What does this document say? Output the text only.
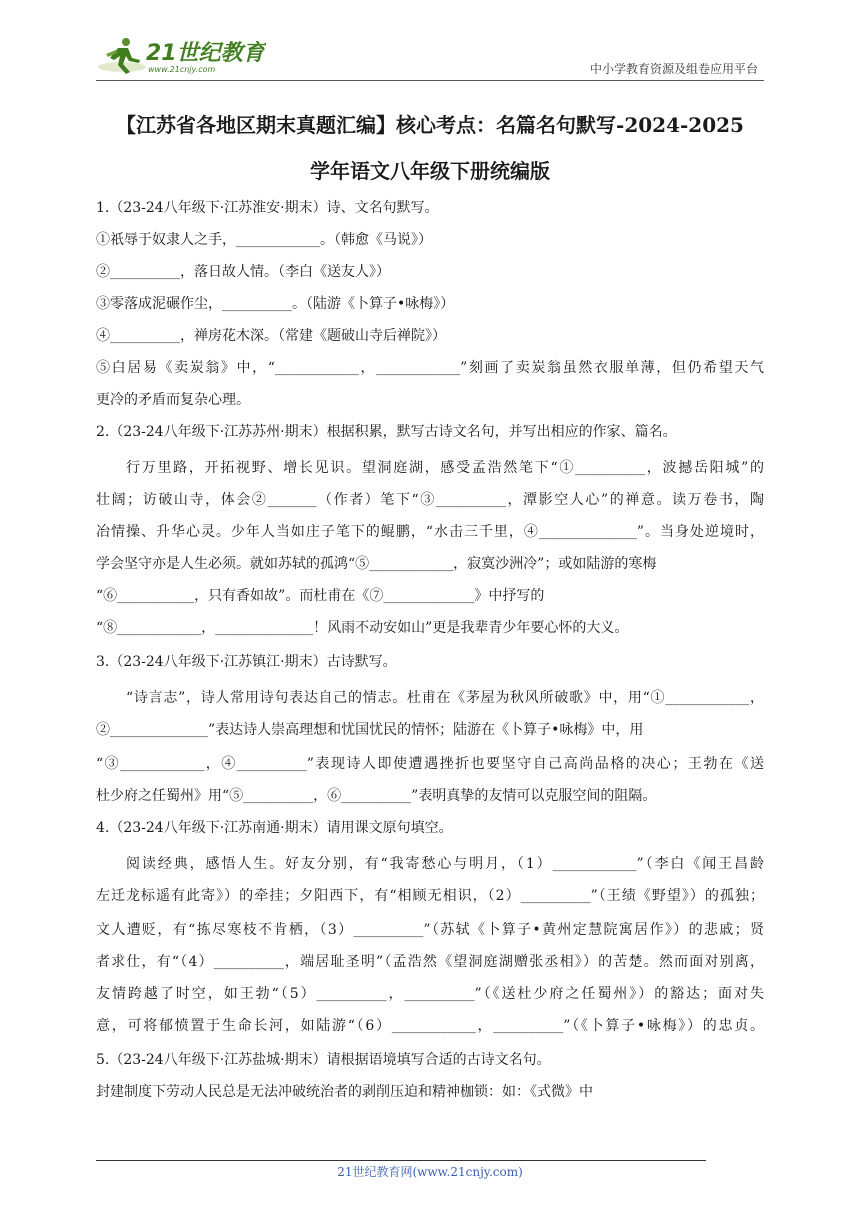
21世纪教育
www.21cnjy.com	中小学教育资源及组卷应用平台
【江苏省各地区期末真题汇编】核心考点：名篇名句默写-2024-2025
学年语文八年级下册统编版
1.（23-24八年级下·江苏淮安·期末）诗、文名句默写。
①祇辱于奴隶人之手，____________。（韩愈《马说》）
②__________，落日故人情。（李白《送友人》）
③零落成泥碾作尘，__________。（陆游《卜算子•咏梅》）
④__________，禅房花木深。（常建《题破山寺后禅院》）
⑤白居易《卖炭翁》中，“____________，____________”刻画了卖炭翁虽然衣服单薄，但仍希望天气
更冷的矛盾而复杂心理。
2.（23-24八年级下·江苏苏州·期末）根据积累，默写古诗文名句，并写出相应的作家、篇名。
行万里路，开拓视野、增长见识。望洞庭湖，感受孟浩然笔下“①__________，波撼岳阳城”的
壮阔；访破山寺，体会②_______（作者）笔下“③__________，潭影空人心”的禅意。读万卷书，陶
冶情操、升华心灵。少年人当如庄子笔下的鲲鹏，“水击三千里，④______________”。当身处逆境时，
学会坚守亦是人生必须。就如苏轼的孤鸿“⑤____________，寂寞沙洲冷”；或如陆游的寒梅
“⑥___________，只有香如故”。而杜甫在《⑦_____________》中抒写的
“⑧____________，______________！风雨不动安如山”更是我辈青少年要心怀的大义。
3.（23-24八年级下·江苏镇江·期末）古诗默写。
“诗言志”，诗人常用诗句表达自己的情志。杜甫在《茅屋为秋风所破歌》中，用“①____________，
②______________”表达诗人崇高理想和忧国忧民的情怀；陆游在《卜算子•咏梅》中，用
“③____________，④__________”表现诗人即使遭遇挫折也要坚守自己高尚品格的决心；王勃在《送
杜少府之任蜀州》用“⑤__________，⑥__________”表明真挚的友情可以克服空间的阻隔。
4.（23-24八年级下·江苏南通·期末）请用课文原句填空。
阅读经典，感悟人生。好友分别，有“我寄愁心与明月，（1）____________”（李白《闻王昌龄
左迁龙标遥有此寄》）的牵挂；夕阳西下，有“相顾无相识，（2）__________”（王绩《野望》）的孤独；
文人遭贬，有“拣尽寒枝不肯栖，（3）__________”（苏轼《卜算子•黄州定慧院寓居作》）的悲戚；贤
者求仕，有“（4）__________，端居耻圣明”（孟浩然《望洞庭湖赠张丞相》）的苦楚。然而面对别离，
友情跨越了时空，如王勃“（5）__________，__________”（《送杜少府之任蜀州》）的豁达；面对失
意，可将郁愤置于生命长河，如陆游“（6）____________，__________”（《卜算子•咏梅》）的忠贞。
5.（23-24八年级下·江苏盐城·期末）请根据语境填写合适的古诗文名句。
封建制度下劳动人民总是无法冲破统治者的剥削压迫和精神枷锁：如：《式微》中
21世纪教育网(www.21cnjy.com)
